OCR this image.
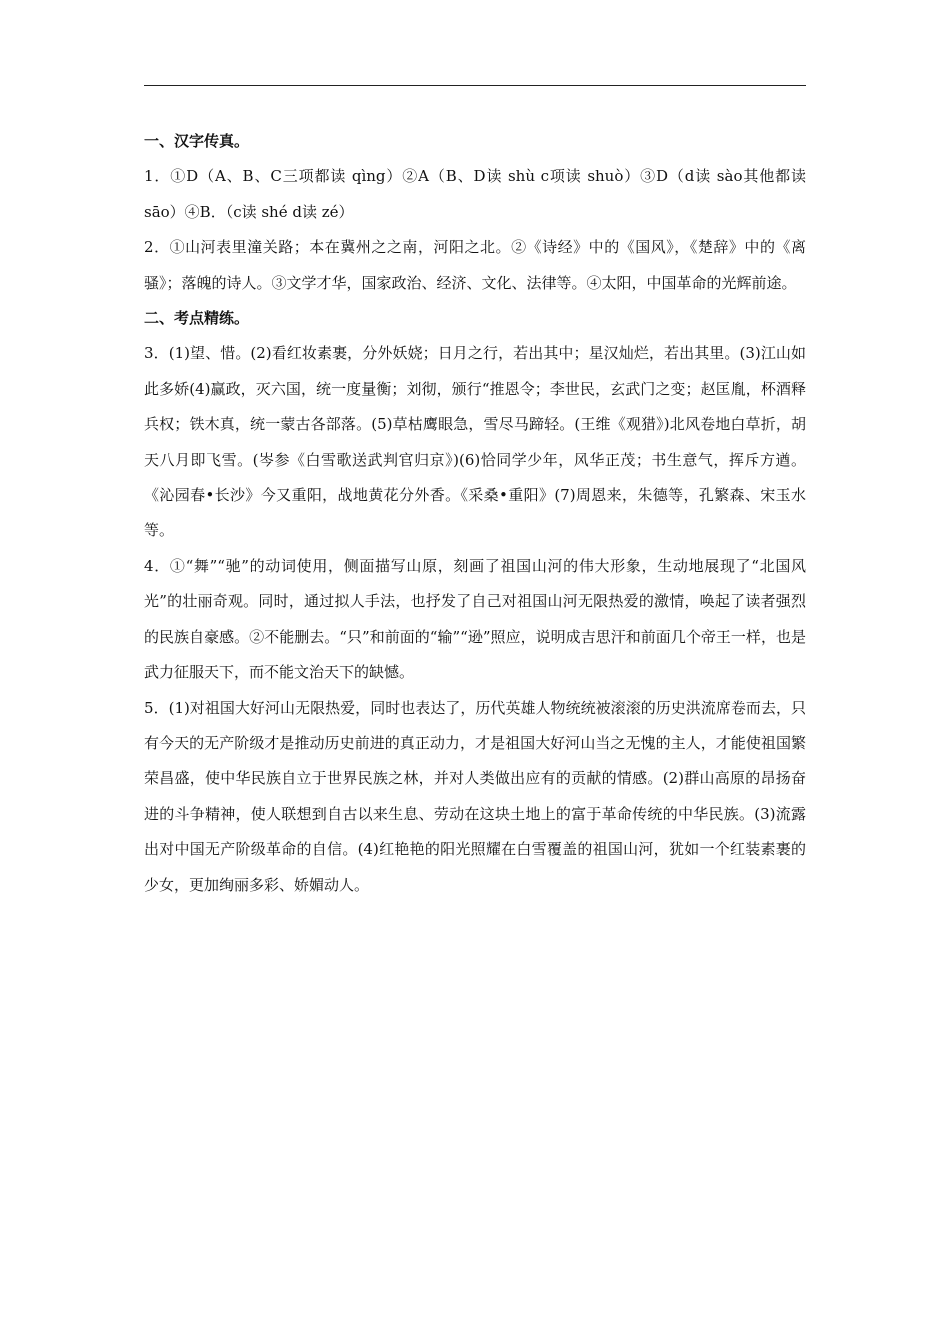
一、汉字传真。

1．①D（A、B、C三项都读 qìng）②A（B、D读 shù c项读 shuò）③D（d读 sào其他都读 sāo）④B．（c读 shé d读 zé）

2．①山河表里潼关路；本在冀州之之南，河阳之北。②《诗经》中的《国风》，《楚辞》中的《离骚》；落魄的诗人。③文学才华，国家政治、经济、文化、法律等。④太阳，中国革命的光辉前途。

二、考点精练。

3．(1)望、惜。(2)看红妆素裹，分外妖娆；日月之行，若出其中；星汉灿烂，若出其里。(3)江山如此多娇(4)赢政，灭六国，统一度量衡；刘彻，颁行“推恩令；李世民，玄武门之变；赵匡胤，杯酒释兵权；铁木真，统一蒙古各部落。(5)草枯鹰眼急，雪尽马蹄轻。(王维《观猎》)北风卷地白草折，胡天八月即飞雪。(岑参《白雪歌送武判官归京》)(6)恰同学少年，风华正茂；书生意气，挥斥方遒。《沁园春•长沙》今又重阳，战地黄花分外香。《采桑•重阳》(7)周恩来，朱德等，孔繁森、宋玉水等。

4．①“舞”“驰”的动词使用，侧面描写山原，刻画了祖国山河的伟大形象，生动地展现了“北国风光”的壮丽奇观。同时，通过拟人手法，也抒发了自己对祖国山河无限热爱的激情，唤起了读者强烈的民族自豪感。②不能删去。“只”和前面的“输”“逊”照应，说明成吉思汗和前面几个帝王一样，也是武力征服天下，而不能文治天下的缺憾。

5．(1)对祖国大好河山无限热爱，同时也表达了，历代英雄人物统统被滚滚的历史洪流席卷而去，只有今天的无产阶级才是推动历史前进的真正动力，才是祖国大好河山当之无愧的主人，才能使祖国繁荣昌盛，使中华民族自立于世界民族之林，并对人类做出应有的贡献的情感。(2)群山高原的昂扬奋进的斗争精神，使人联想到自古以来生息、劳动在这块土地上的富于革命传统的中华民族。(3)流露出对中国无产阶级革命的自信。(4)红艳艳的阳光照耀在白雪覆盖的祖国山河，犹如一个红装素裹的少女，更加绚丽多彩、娇媚动人。
